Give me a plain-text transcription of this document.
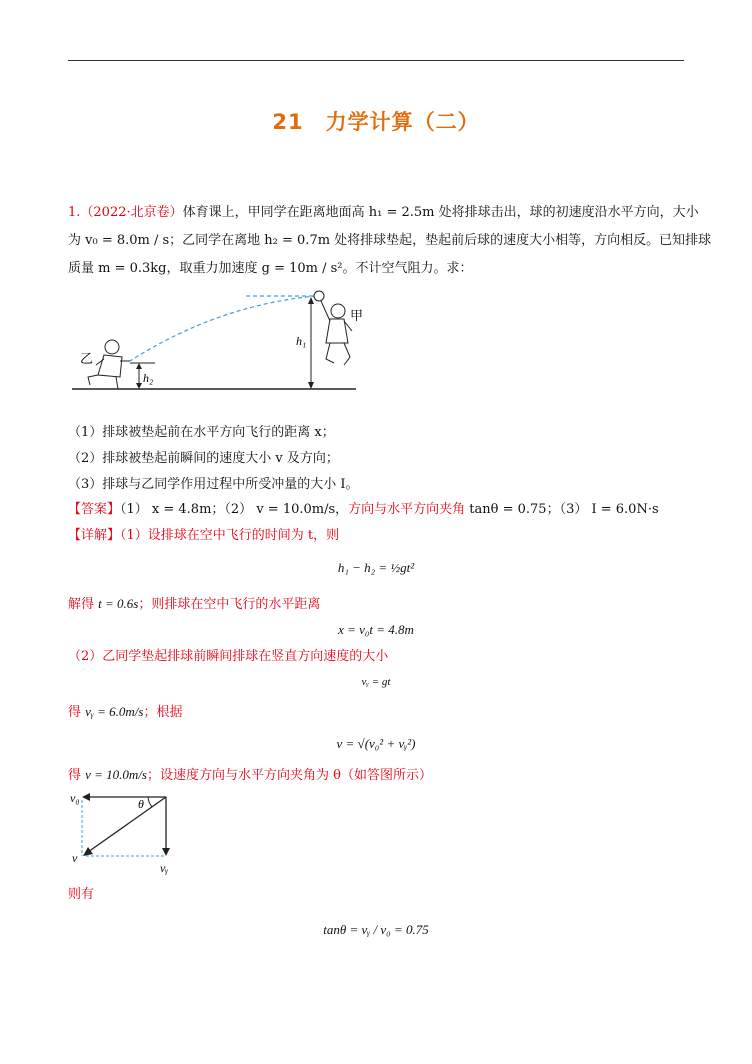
21　力学计算（二）
1.（2022·北京卷）体育课上，甲同学在距离地面高 h₁ = 2.5m 处将排球击出，球的初速度沿水平方向，大小
为 v₀ = 8.0m / s；乙同学在离地 h₂ = 0.7m 处将排球垫起，垫起前后球的速度大小相等，方向相反。已知排球
质量 m = 0.3kg，取重力加速度 g = 10m / s²。不计空气阻力。求：
h₁
h₂
甲
乙
（1）排球被垫起前在水平方向飞行的距离 x；
（2）排球被垫起前瞬间的速度大小 v 及方向；
（3）排球与乙同学作用过程中所受冲量的大小 I。
【答案】（1） x = 4.8m；（2） v = 10.0m/s，方向与水平方向夹角 tanθ = 0.75；（3） I = 6.0N·s
【详解】（1）设排球在空中飞行的时间为 t，则
h₁ − h₂ = ½gt²
解得 t = 0.6s；则排球在空中飞行的水平距离
x = v₀t = 4.8m
（2）乙同学垫起排球前瞬间排球在竖直方向速度的大小
vᵧ = gt
得 vᵧ = 6.0m/s；根据
v = √(v₀² + vᵧ²)
得 v = 10.0m/s；设速度方向与水平方向夹角为 θ（如答图所示）
v₀
v
vᵧ
θ
则有
tanθ = vᵧ / v₀ = 0.75
